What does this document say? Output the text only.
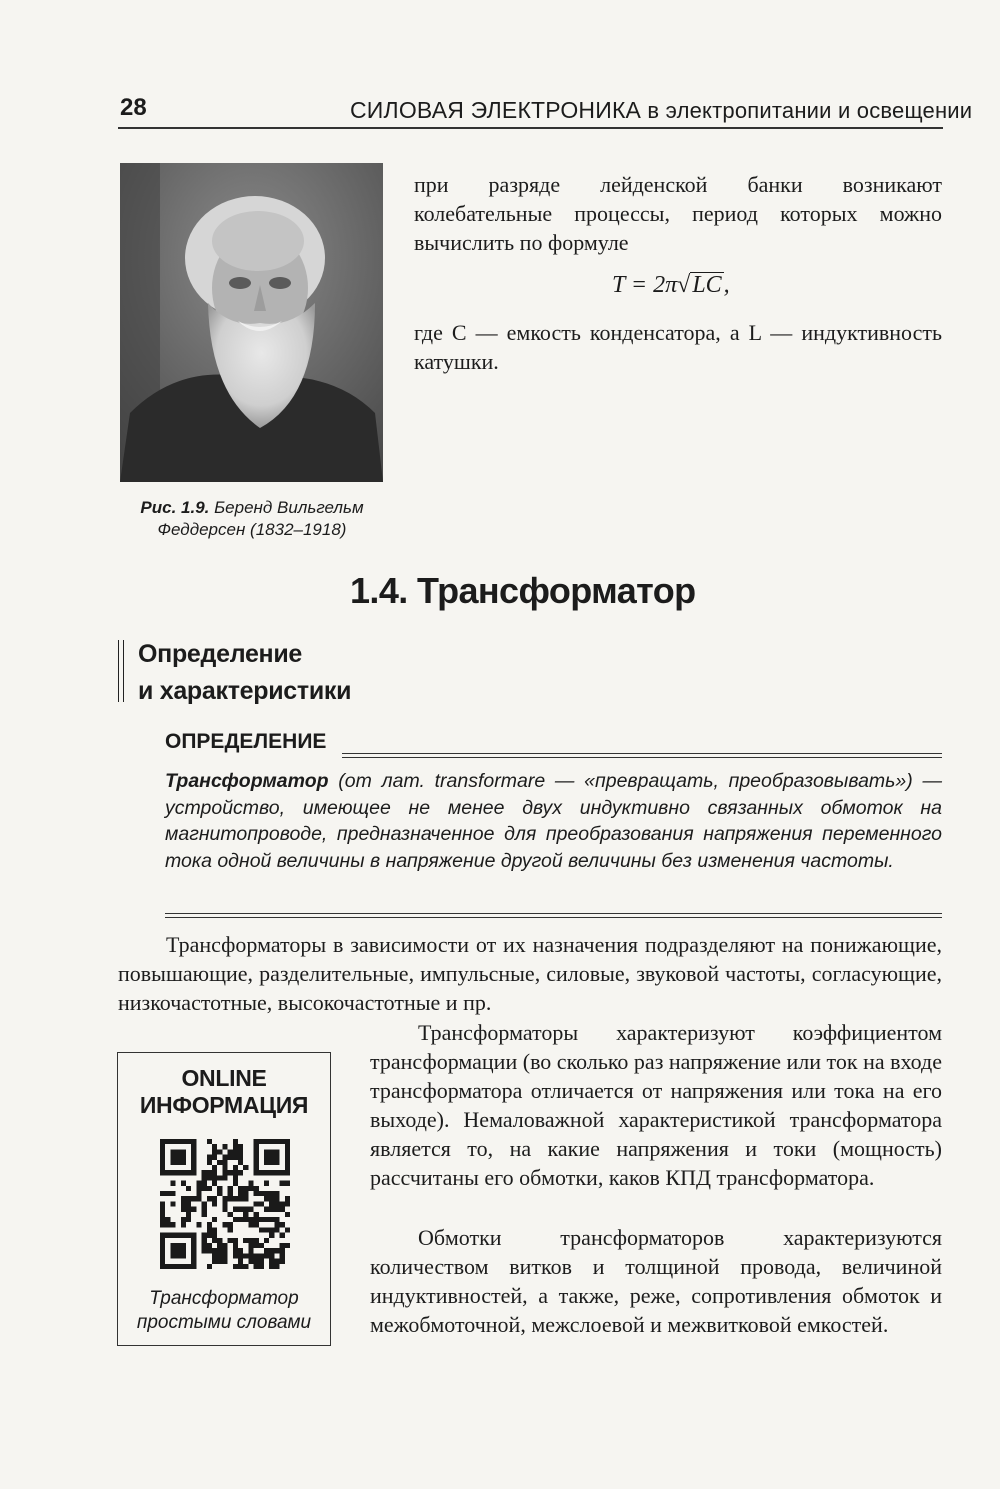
28	СИЛОВАЯ ЭЛЕКТРОНИКА в электропитании и освещении
Рис. 1.9. Беренд Вильгельм
Феддерсен (1832–1918)
при разряде лейденской банки возникают колебательные процессы, период которых можно вычислить по формуле
T = 2π√LC,
где C — емкость конденсатора, а L — индуктивность катушки.
1.4. Трансформатор
Определение
и характеристики
ОПРЕДЕЛЕНИЕ
Трансформатор (от лат. transformare — «превращать, преобразовывать») — устройство, имеющее не менее двух индуктивно связанных обмоток на магнитопроводе, предназначенное для преобразования напряжения переменного тока одной величины в напряжение другой величины без изменения частоты.
Трансформаторы в зависимости от их назначения подразделяют на понижающие, повышающие, разделительные, импульсные, силовые, звуковой частоты, согласующие, низкочастотные, высокочастотные и пр.
Трансформаторы характеризуют коэффициентом трансформации (во сколько раз напряжение или ток на входе трансформатора отличается от напряжения или тока на его выходе). Немаловажной характеристикой трансформатора является то, на какие напряжения и токи (мощность) рассчитаны его обмотки, каков КПД трансформатора.
Обмотки трансформаторов характеризуются количеством витков и толщиной провода, величиной индуктивностей, а также, реже, сопротивления обмоток и межобмоточной, межслоевой и межвитковой емкостей.
ONLINE
ИНФОРМАЦИЯ
Трансформатор
простыми словами
